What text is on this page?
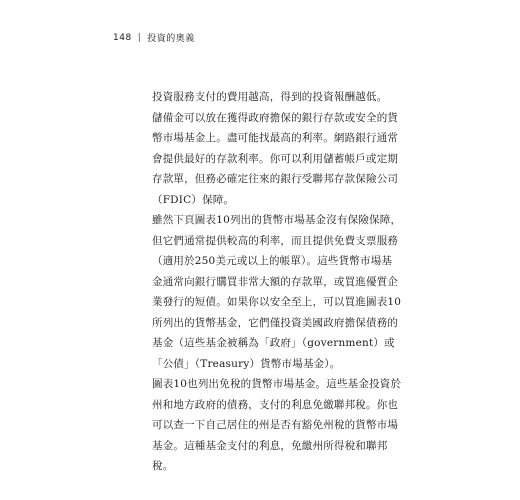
148 | 投資的奧義
投資服務支付的費用越高，得到的投資報酬越低。
儲備金可以放在獲得政府擔保的銀行存款或安全的貨
幣市場基金上。盡可能找最高的利率。網路銀行通常
會提供最好的存款利率。你可以利用儲蓄帳戶或定期
存款單，但務必確定往來的銀行受聯邦存款保險公司
（FDIC）保障。
雖然下頁圖表10列出的貨幣市場基金沒有保險保障，
但它們通常提供較高的利率，而且提供免費支票服務
（適用於250美元或以上的帳單）。這些貨幣市場基
金通常向銀行購買非常大額的存款單，或買進優質企
業發行的短債。如果你以安全至上，可以買進圖表10
所列出的貨幣基金，它們僅投資美國政府擔保債務的
基金（這些基金被稱為「政府」（government）或
「公債」（Treasury）貨幣市場基金）。
圖表10也列出免稅的貨幣市場基金。這些基金投資於
州和地方政府的債務，支付的利息免繳聯邦稅。你也
可以查一下自己居住的州是否有豁免州稅的貨幣市場
基金。這種基金支付的利息，免繳州所得稅和聯邦
稅。
